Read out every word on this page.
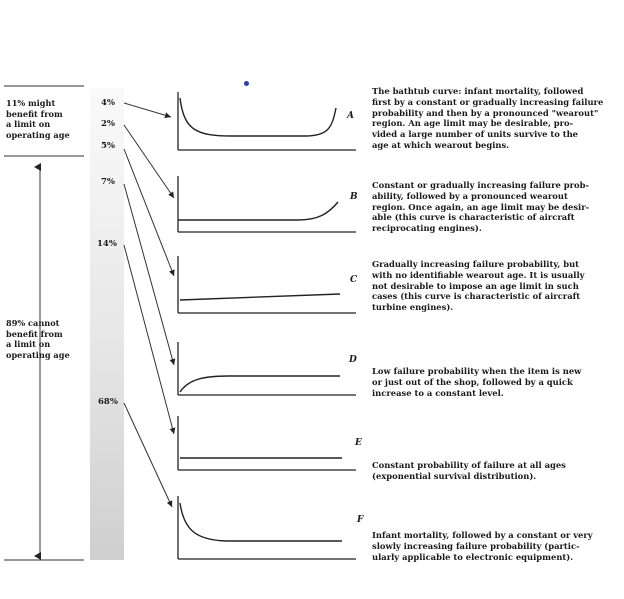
11% might
benefit from
a limit on
operating age
89% cannot
benefit from
a limit on
operating age
4%
2%
5%
7%
14%
68%
A
B
C
D
E
F
The bathtub curve: infant mortality, followed
first by a constant or gradually increasing failure
probability and then by a pronounced "wearout"
region. An age limit may be desirable, pro-
vided a large number of units survive to the
age at which wearout begins.
Constant or gradually increasing failure prob-
ability, followed by a pronounced wearout
region. Once again, an age limit may be desir-
able (this curve is characteristic of aircraft
reciprocating engines).
Gradually increasing failure probability, but
with no identifiable wearout age. It is usually
not desirable to impose an age limit in such
cases (this curve is characteristic of aircraft
turbine engines).
Low failure probability when the item is new
or just out of the shop, followed by a quick
increase to a constant level.
Constant probability of failure at all ages
(exponential survival distribution).
Infant mortality, followed by a constant or very
slowly increasing failure probability (partic-
ularly applicable to electronic equipment).
